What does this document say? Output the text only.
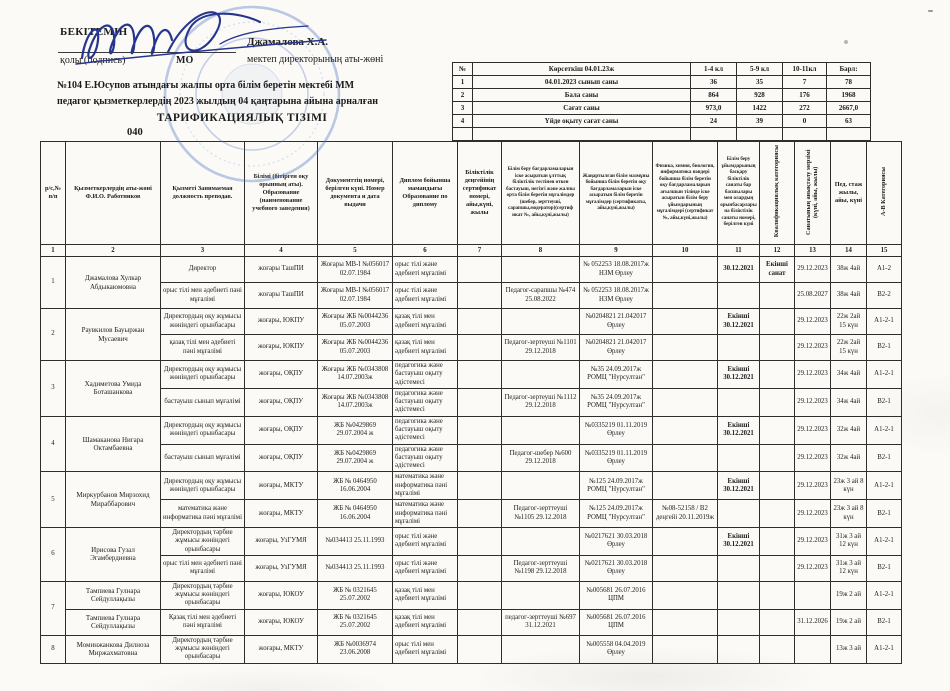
БЕКІТЕМІН
қолы (подпись)	МО
Джамалова Х.А.
мектеп директорының аты-жөні
№104 Е.Юсупов атындағы жалпы орта білім беретін мектебі ММ
педагог қызметкерлердің 2023 жылдың 04 қаңтарына айына арналған
ТАРИФИКАЦИЯЛЫҚ ТІЗІМІ
040
№	Көрсеткіш 04.01.23ж	1-4 кл	5-9 кл	10-11кл	Барл:
1	04.01.2023 сынып саны	36	35	7	78
2	Бала саны	864	928	176	1968
3	Сағат саны	973,0	1422	272	2667,0
4	Үйде оқыту сағат саны	24	39	0	63

р/с,№ п/п	Қызметкерлердің аты-жөні Ф.И.О. Работников	Қызметі Занимаемая должность преподав.	Білімі (бітірген оқу орынның аты). Образование (наименование учебного заведения)	Документтің номері, берілген күні. Номер документа и дата выдачи	Диплом бойынша мамандығы Образование по диплому	Біліктілік деңгейінің сертификат номері, айы,күні, жылы	Білім беру бағдарламаларын іске асыратын ұлттық біліктілік тестінен өткен бастауыш, негізгі және жалпы орта білім беретін мұғалімдер (шебер, зерттеуші, сарапшы,модератор)(сертиф икат №, айы,күні,жылы)	Жаңартылған білім мазмұны бойынша білім беретін оқу бағдарламаларын іске асыратын білім беретін мұғалімдер (сертификаты, айы,күні,жылы)	Физика, химия, биология, информатика пәндері бойынша білім беретін оқу бағдарламаларын ағылшын тілінде іске асыратын білім беру ұйымдарының мұғалімдері (сертификат №, айы,күні,жылы)	Білім беру ұйымдарының басқару біліктілік санаты бар басшылары мен олардың орынбасарларына біліктілік санаты номері, берілген күні	Квалификациялық категориясы	Санатының анықталу мерзімі (күні, айы, жылы)	Пед. стаж жылы, айы, күні	А-В Категориясы
1	2	3	4	5	6	7	8	9	10	11	12	13	14	15
1	Джамалова Хулкар Абдыкаюмовна	Директор	жоғары ТашПИ	Жоғары МВ-I №056017 02.07.1984	орыс тілі және әдебиеті мұғалімі			№ 052253 18.08.2017ж НЗМ Өрлеу		30.12.2021	Екінші санат	29.12.2023	38ж 4ай	А1-2
		орыс тілі мен әдебиеті пәні мұғалімі	жоғары ТашПИ	Жоғары МВ-I №056017 02.07.1984	орыс тілі және әдебиеті мұғалімі		Педагог-сарапшы №474 25.08.2022	№ 052253 18.08.2017ж НЗМ Өрлеу				25.08.2027	38ж 4ай	В2-2
2	Раувкилов Бауыржан Мусаевич	Директордың оқу жұмысы жөніндегі орынбасары	жоғары, ЮКПУ	Жоғары ЖБ №0044236 05.07.2003	қазақ тілі мен әдебиеті мұғалімі			№0204821 21.042017 Өрлеу		Екінші 30.12.2021		29.12.2023	22ж 2ай 15 күн	А1-2-1
		қазақ тілі мен әдебиеті пәні мұғалімі	жоғары, ЮКПУ	Жоғары ЖБ №0044236 05.07.2003	қазақ тілі мен әдебиеті мұғалімі		Педагог-зертеуші №1101 29.12.2018	№0204821 21.042017 Өрлеу				29.12.2023	22ж 2ай 15 күн	В2-1
3	Хадиметова Умида Боташанкова	Директордың оқу жұмысы жөніндегі орынбасары	жоғары, ОҚПУ	Жоғары ЖБ №0343808 14.07.2003ж	педагогика және бастауыш оқыту әдістемесі			№35 24.09.2017ж РОМЦ "Нурсултан"		Екінші 30.12.2021		29.12.2023	34ж 4ай	А1-2-1
		бастауыш сынып мұғалімі	жоғары, ОҚПУ	Жоғары ЖБ №0343808 14.07.2003ж	педагогика және бастауыш оқыту әдістемесі		Педагог-зертеуші №1112 29.12.2018	№35 24.09.2017ж РОМЦ "Нурсултан"				29.12.2023	34ж 4ай	В2-1
4	Шамаканова Нигара Октамбаевна	Директордың оқу жұмысы жөніндегі орынбасары	жоғары, ОҚПУ	ЖБ №0429869 29.07.2004 ж	педагогика және бастауыш оқыту әдістемесі			№0335219 01.11.2019 Өрлеу		Екінші 30.12.2021		29.12.2023	32ж 4ай	А1-2-1
		бастауыш сынып мұғалімі	жоғары, ОҚПУ	ЖБ №0429869 29.07.2004 ж	педагогика және бастауыш оқыту әдістемесі		Педагог-шебер №600 29.12.2018	№0335219 01.11.2019 Өрлеу				29.12.2023	32ж 4ай	В2-1
5	Миркурбанов Мирзохид Мираббарович	Директордың оқу жұмысы жөніндегі орынбасары	жоғары, МКТУ	ЖБ № 0464950 16.06.2004	математика және информатика пәні мұғалімі			№125 24.09.2017ж РОМЦ "Нурсултан"		Екінші 30.12.2021		29.12.2023	23ж 3 ай 8 күн	А1-2-1
		математика және информатика пәні мұғалімі	жоғары, МКТУ	ЖБ № 0464950 16.06.2004	математика және информатика пәні мұғалімі		Педагог-зерттеуші №1105 29.12.2018	№125 24.09.2017ж РОМЦ "Нурсултан"	№08-52158 / В2 деңгейі 20.11.2019ж			29.12.2023	23ж 3 ай 8 күн	В2-1
6	Ирисова Гузал Эгамбердиевна	Директордың тәрбие жұмысы жөніндегі орынбасары	жоғары, УзГУМЯ	№034413 25.11.1993	орыс тілі және әдебиеті мұғалімі			№0217621 30.03.2018 Өрлеу		Екінші 30.12.2021		29.12.2023	31ж 3 ай 12 күн	А1-2-1
		орыс тілі мен әдебиеті пәні мұғалімі	жоғары, УзГУМЯ	№034413 25.11.1993	орыс тілі және әдебиеті мұғалімі		Педагог-зерттеуші №1198 29.12.2018	№0217621 30.03.2018 Өрлеу				29.12.2023	31ж 3 ай 12 күн	В2-1
7	Тампиева Гулнара Сейдуллақызы	Директордың тәрбие жұмысы жөніндегі орынбасары	жоғары, ЮКОУ	ЖБ № 0321645 25.07.2002	қазақ тілі мен әдебиеті мұғалімі			№005681 26.07.2016 ЦПМ					19ж 2 ай	А1-2-1
	Тампиева Гулнара Сейдуллақызы	Қазақ тілі мен әдебиеті пәні мұғалімі	жоғары, ЮКОУ	ЖБ № 0321645 25.07.2002	қазақ тілі мен әдебиеті мұғалімі		педагог-зерттеуші №697 31.12.2021	№005681 26.07.2016 ЦПМ				31.12.2026	19ж 2 ай	В2-1
8	Моминжанкова Дилноза Миржахматовна	Директордың тәрбие жұмысы жөніндегі орынбасары	жоғары, МКТУ	ЖБ №0036974 23.06.2008	орыс тілі мен әдебиеті мұғалімі			№005558 04.04.2019 Өрлеу					13ж 3 ай	А1-2-1
